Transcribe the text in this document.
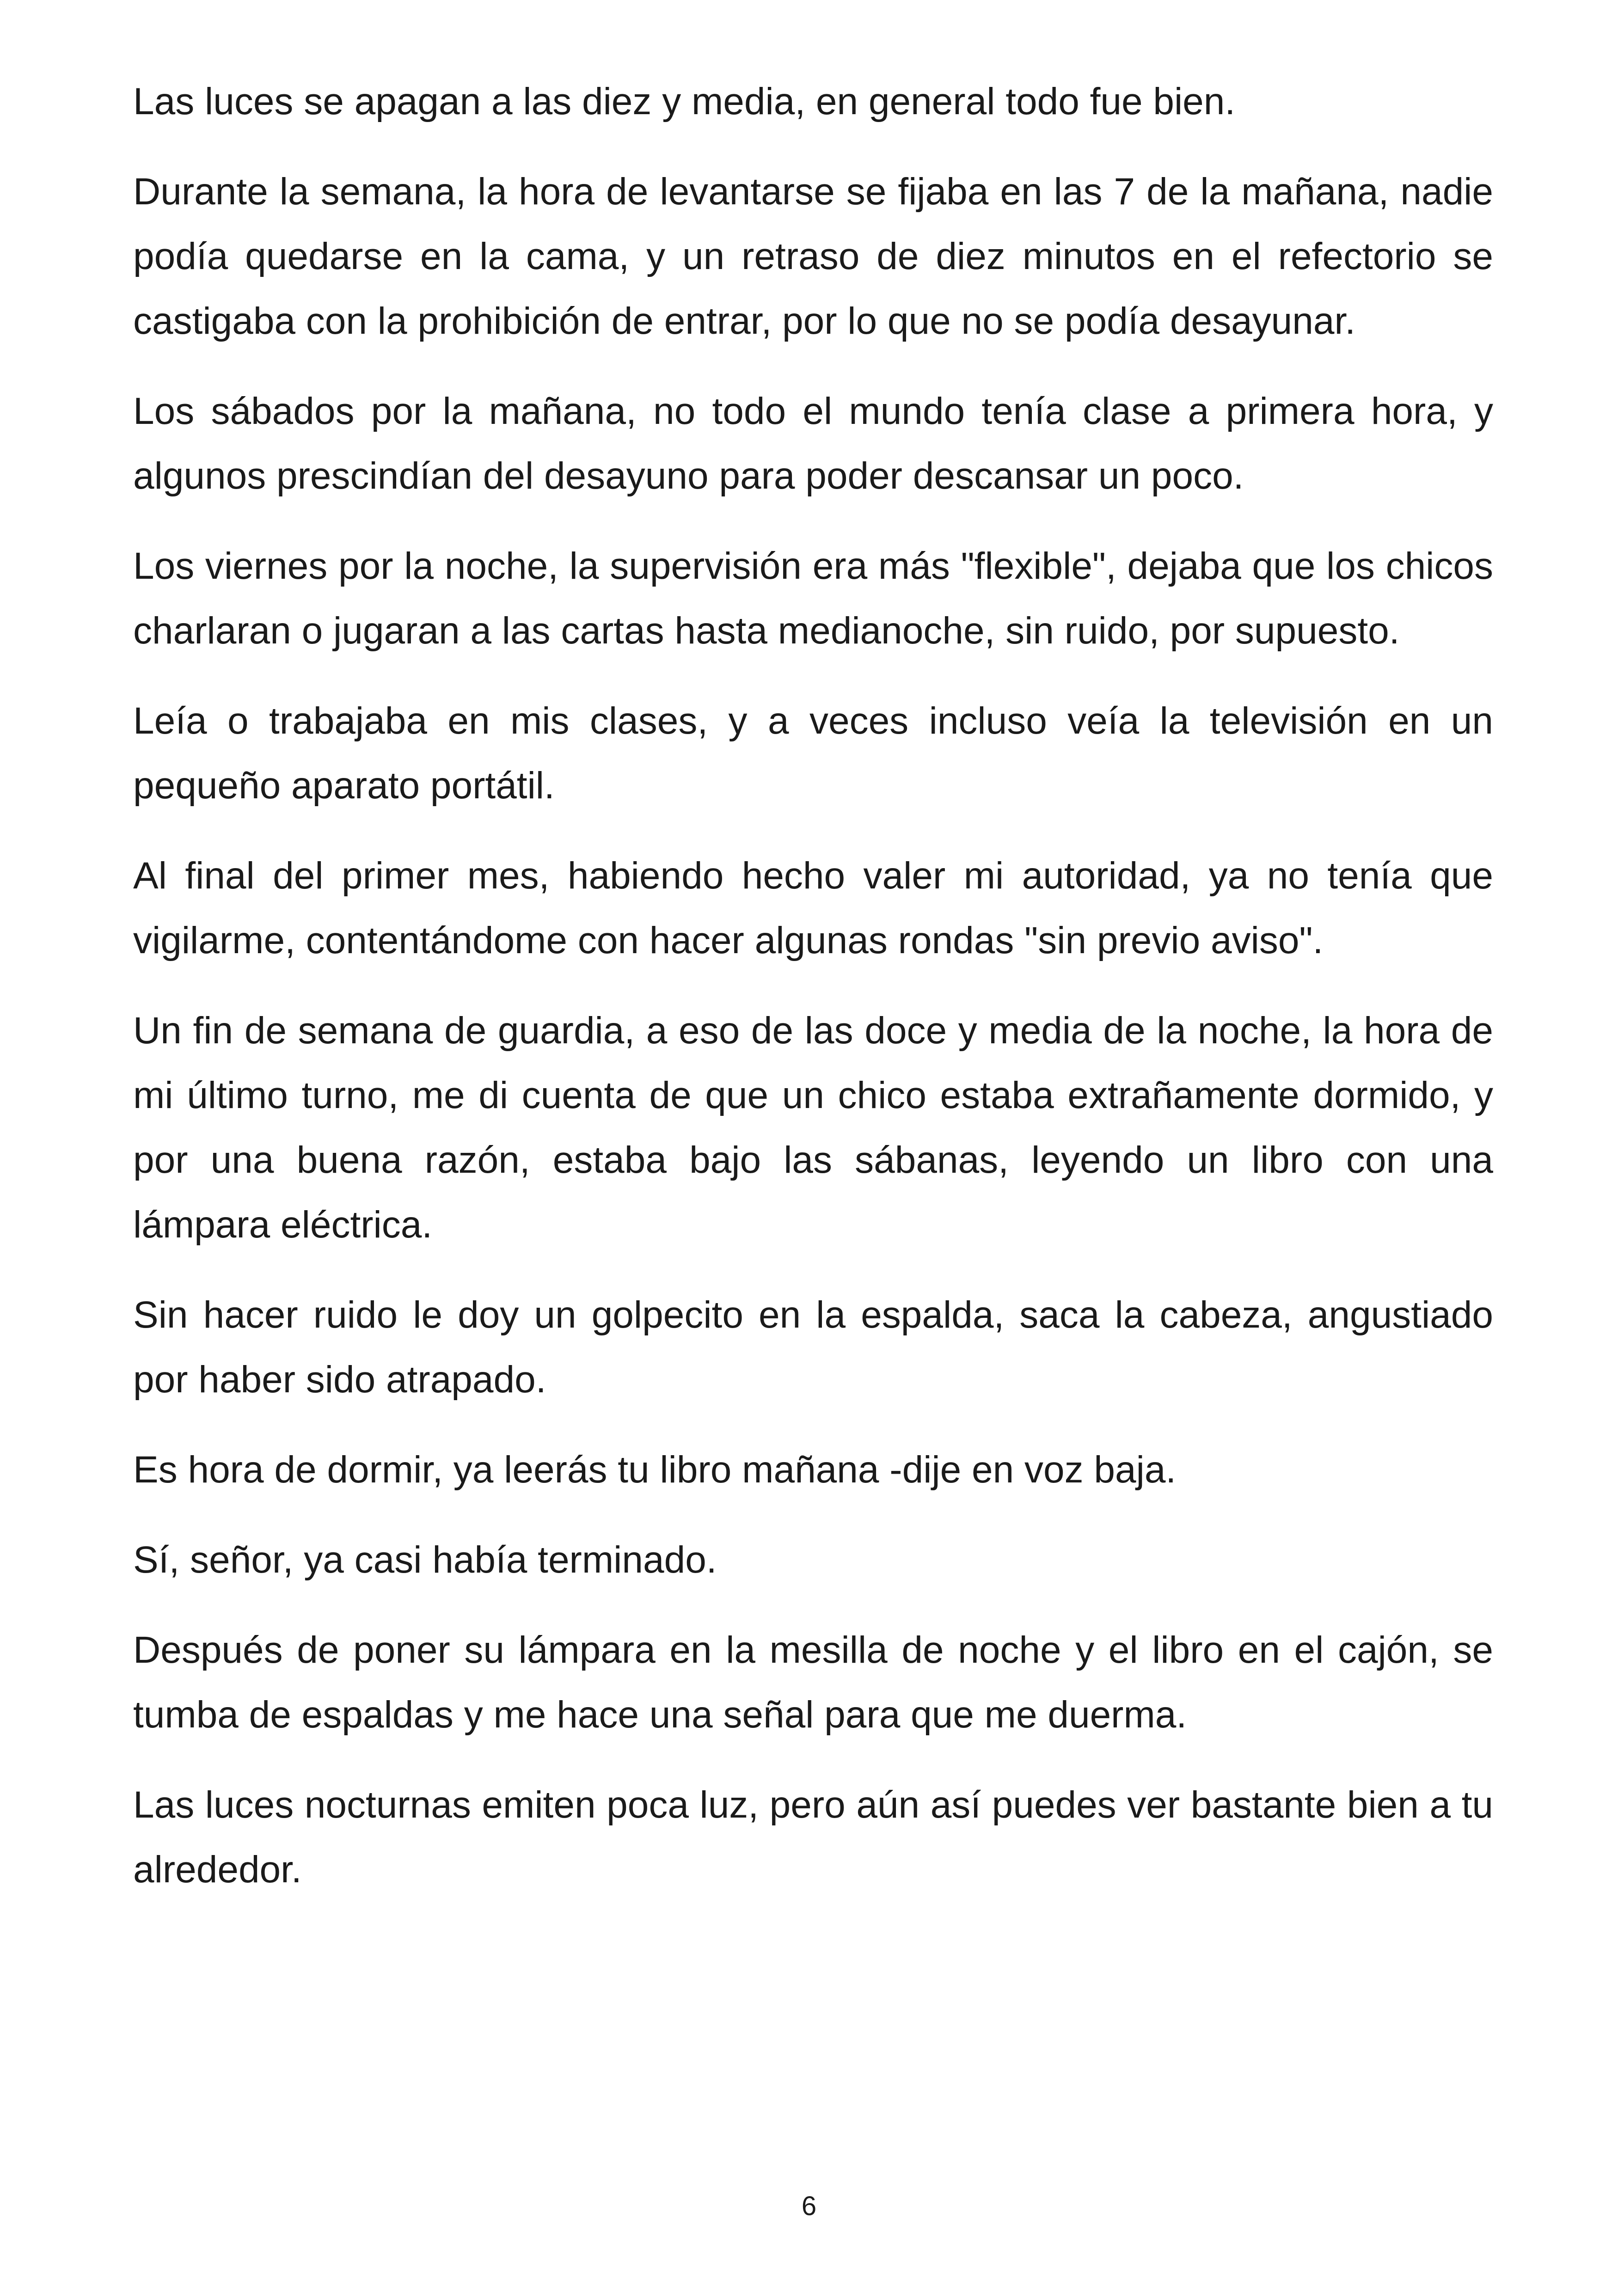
Las luces se apagan a las diez y media, en general todo fue bien.

Durante la semana, la hora de levantarse se fijaba en las 7 de la mañana, nadie podía quedarse en la cama, y un retraso de diez minutos en el refectorio se castigaba con la prohibición de entrar, por lo que no se podía desayunar.

Los sábados por la mañana, no todo el mundo tenía clase a primera hora, y algunos prescindían del desayuno para poder descansar un poco.

Los viernes por la noche, la supervisión era más "flexible", dejaba que los chicos charlaran o jugaran a las cartas hasta medianoche, sin ruido, por supuesto.

Leía o trabajaba en mis clases, y a veces incluso veía la televisión en un pequeño aparato portátil.

Al final del primer mes, habiendo hecho valer mi autoridad, ya no tenía que vigilarme, contentándome con hacer algunas rondas "sin previo aviso".

Un fin de semana de guardia, a eso de las doce y media de la noche, la hora de mi último turno, me di cuenta de que un chico estaba extrañamente dormido, y por una buena razón, estaba bajo las sábanas, leyendo un libro con una lámpara eléctrica.

Sin hacer ruido le doy un golpecito en la espalda, saca la cabeza, angustiado por haber sido atrapado.

Es hora de dormir, ya leerás tu libro mañana -dije en voz baja.

Sí, señor, ya casi había terminado.

Después de poner su lámpara en la mesilla de noche y el libro en el cajón, se tumba de espaldas y me hace una señal para que me duerma.

Las luces nocturnas emiten poca luz, pero aún así puedes ver bastante bien a tu alrededor.

6
